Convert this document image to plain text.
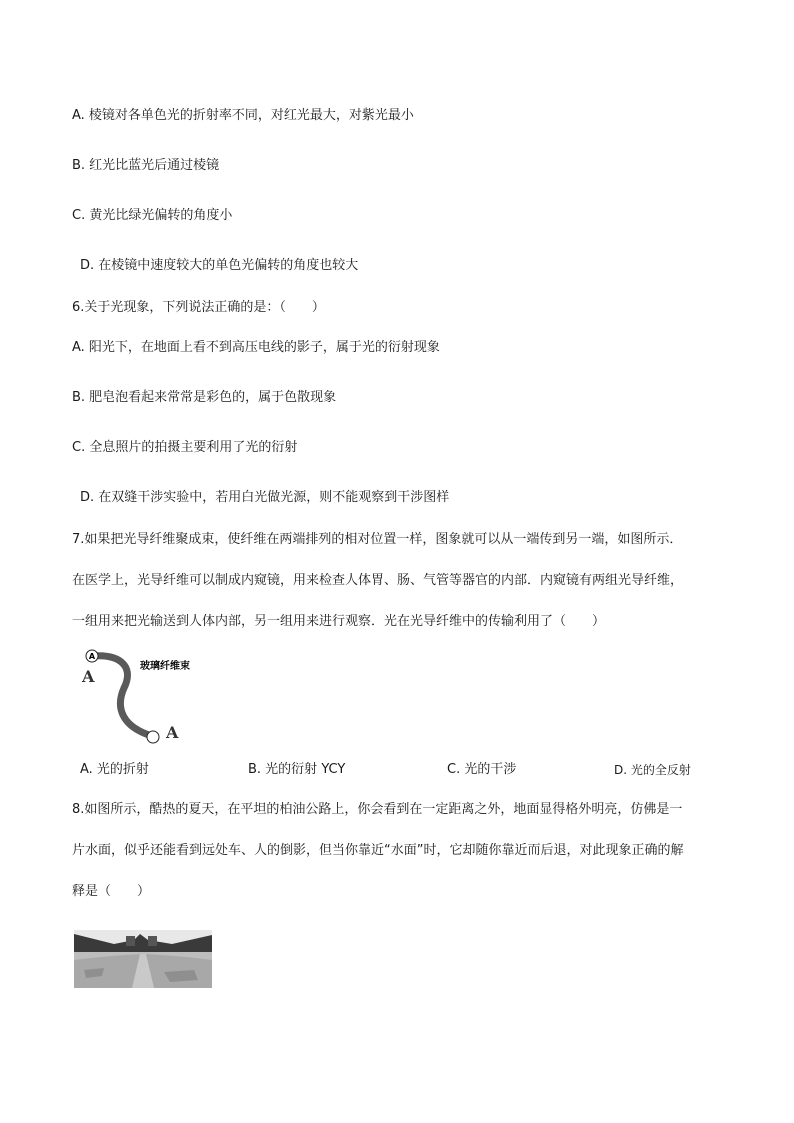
A. 棱镜对各单色光的折射率不同，对红光最大，对紫光最小
B. 红光比蓝光后通过棱镜
C. 黄光比绿光偏转的角度小
D. 在棱镜中速度较大的单色光偏转的角度也较大
6.关于光现象，下列说法正确的是：（　　）
A. 阳光下，在地面上看不到高压电线的影子，属于光的衍射现象
B. 肥皂泡看起来常常是彩色的，属于色散现象
C. 全息照片的拍摄主要利用了光的衍射
D. 在双缝干涉实验中，若用白光做光源，则不能观察到干涉图样
7.如果把光导纤维聚成束，使纤维在两端排列的相对位置一样，图象就可以从一端传到另一端，如图所示．
在医学上，光导纤维可以制成内窥镜，用来检查人体胃、肠、气管等器官的内部．内窥镜有两组光导纤维，
一组用来把光输送到人体内部，另一组用来进行观察．光在光导纤维中的传输利用了（　　）
A
A
A
玻璃纤维束
A. 光的折射	B. 光的衍射 YCY	C. 光的干涉	D. 光的全反射
8.如图所示，酷热的夏天，在平坦的柏油公路上，你会看到在一定距离之外，地面显得格外明亮，仿佛是一
片水面，似乎还能看到远处车、人的倒影，但当你靠近“水面”时，它却随你靠近而后退，对此现象正确的解
释是（　　）
